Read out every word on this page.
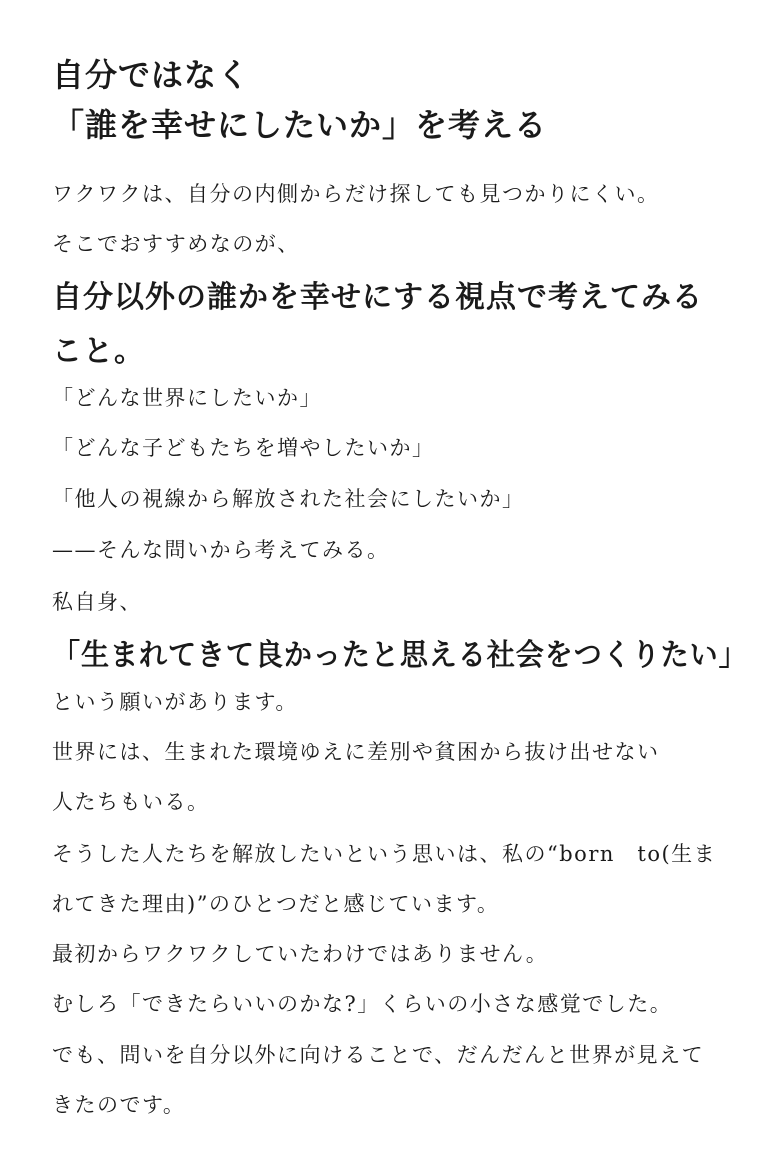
自分ではなく
「誰を幸せにしたいか」を考える

ワクワクは、自分の内側からだけ探しても見つかりにくい。

そこでおすすめなのが、

自分以外の誰かを幸せにする視点で考えてみる

こと。

「どんな世界にしたいか」

「どんな子どもたちを増やしたいか」

「他人の視線から解放された社会にしたいか」

——そんな問いから考えてみる。

私自身、

「生まれてきて良かったと思える社会をつくりたい」

という願いがあります。

世界には、生まれた環境ゆえに差別や貧困から抜け出せない

人たちもいる。

そうした人たちを解放したいという思いは、私の“born　to(生ま

れてきた理由)”のひとつだと感じています。

最初からワクワクしていたわけではありません。

むしろ「できたらいいのかな?」くらいの小さな感覚でした。

でも、問いを自分以外に向けることで、だんだんと世界が見えて

きたのです。
